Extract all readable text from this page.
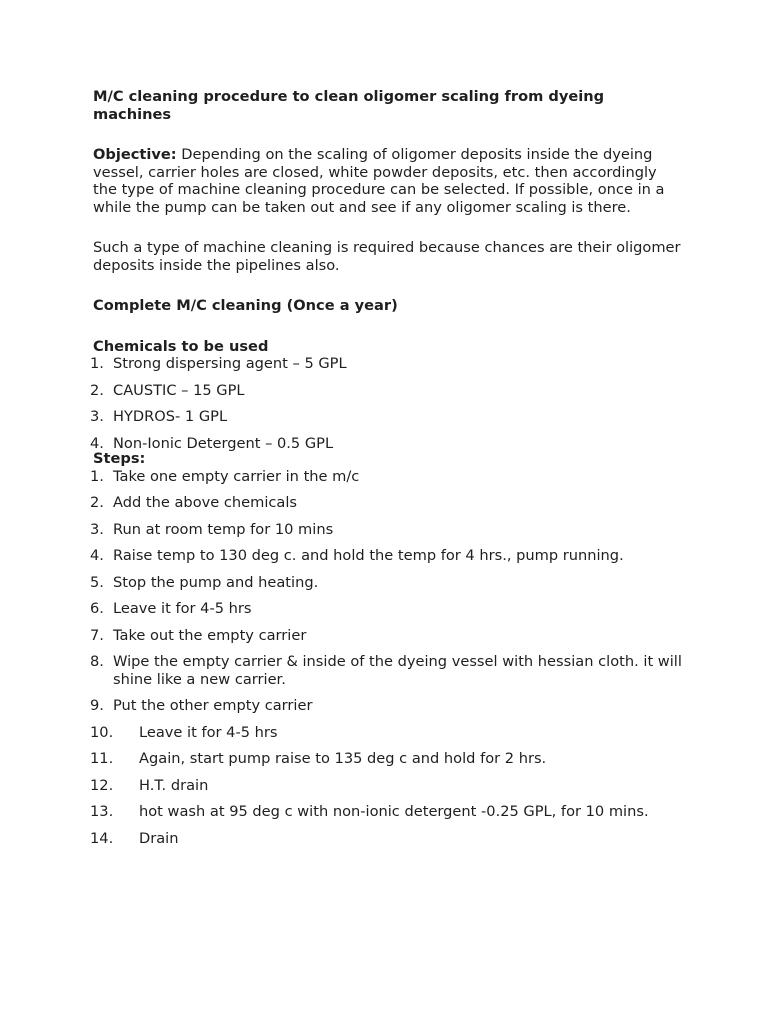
M/C cleaning procedure to clean oligomer scaling from dyeing machines

Objective: Depending on the scaling of oligomer deposits inside the dyeing vessel, carrier holes are closed, white powder deposits, etc. then accordingly the type of machine cleaning procedure can be selected. If possible, once in a while the pump can be taken out and see if any oligomer scaling is there.

Such a type of machine cleaning is required because chances are their oligomer deposits inside the pipelines also.

Complete M/C cleaning (Once a year)

Chemicals to be used

1. Strong dispersing agent – 5 GPL
2. CAUSTIC – 15 GPL
3. HYDROS- 1 GPL
4. Non-Ionic Detergent – 0.5 GPL

Steps:

1. Take one empty carrier in the m/c
2. Add the above chemicals
3. Run at room temp for 10 mins
4. Raise temp to 130 deg c. and hold the temp for 4 hrs., pump running.
5. Stop the pump and heating.
6. Leave it for 4-5 hrs
7. Take out the empty carrier
8. Wipe the empty carrier & inside of the dyeing vessel with hessian cloth. it will shine like a new carrier.
9. Put the other empty carrier
10. Leave it for 4-5 hrs
11. Again, start pump raise to 135 deg c and hold for 2 hrs.
12. H.T. drain
13. hot wash at 95 deg c with non-ionic detergent -0.25 GPL, for 10 mins.
14. Drain
